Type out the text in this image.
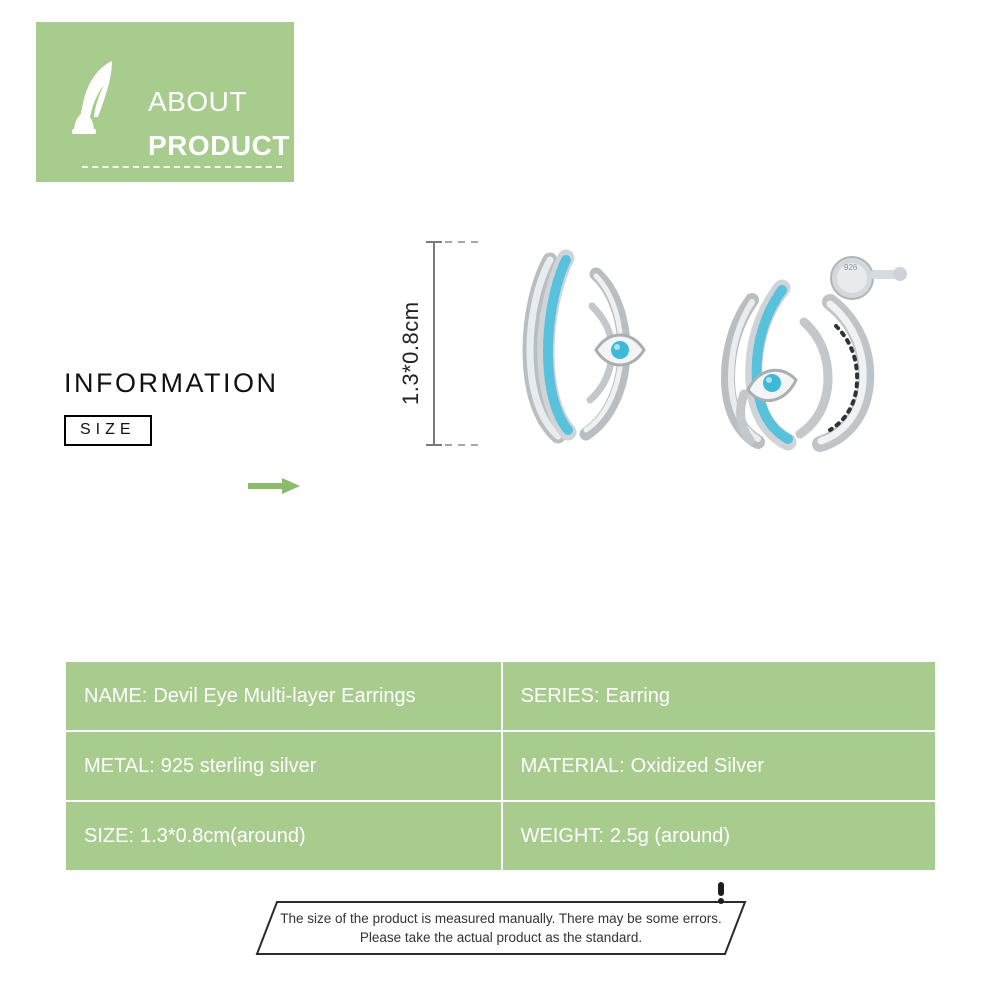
ABOUT
PRODUCT
INFORMATION
SIZE
1.3*0.8cm
926
NAME: Devil Eye Multi-layer Earrings	SERIES: Earring
METAL: 925 sterling silver	MATERIAL: Oxidized Silver
SIZE: 1.3*0.8cm(around)	WEIGHT: 2.5g (around)
The size of the product is measured manually. There may be some errors.
Please take the actual product as the standard.
